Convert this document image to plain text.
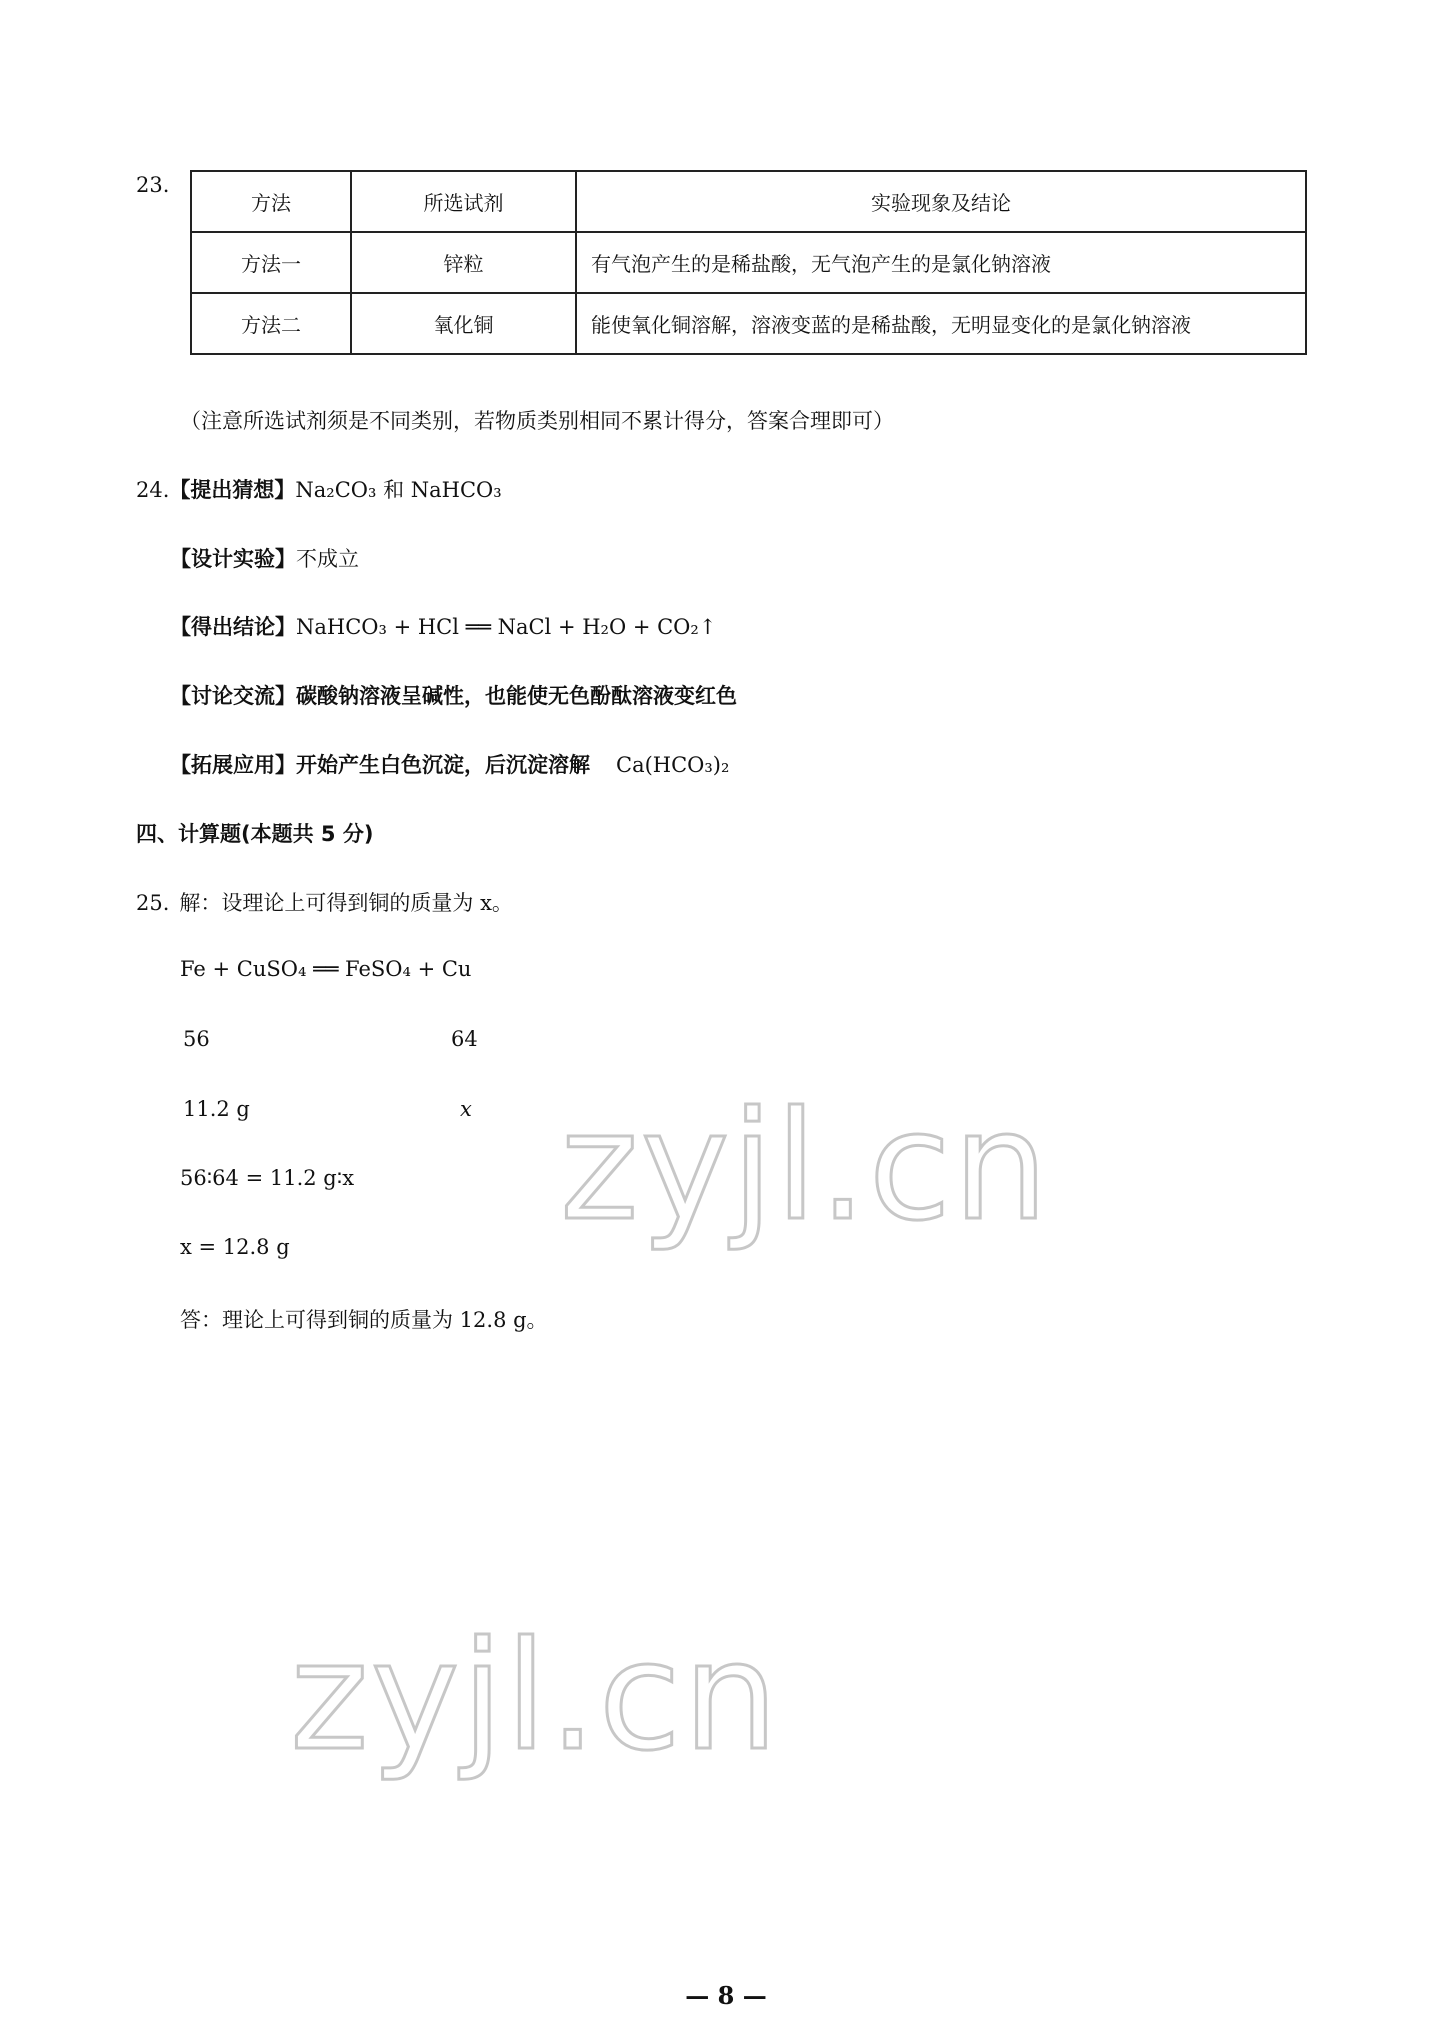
23.
方法	所选试剂	实验现象及结论
方法一	锌粒	有气泡产生的是稀盐酸，无气泡产生的是氯化钠溶液
方法二	氧化铜	能使氧化铜溶解，溶液变蓝的是稀盐酸，无明显变化的是氯化钠溶液
（注意所选试剂须是不同类别，若物质类别相同不累计得分，答案合理即可）
24.【提出猜想】Na₂CO₃ 和 NaHCO₃
【设计实验】不成立
【得出结论】NaHCO₃ + HCl ══ NaCl + H₂O + CO₂↑
【讨论交流】碳酸钠溶液呈碱性，也能使无色酚酞溶液变红色
【拓展应用】开始产生白色沉淀，后沉淀溶解 Ca(HCO₃)₂
四、计算题(本题共 5 分)
25. 解：设理论上可得到铜的质量为 x。
Fe + CuSO₄ ══ FeSO₄ + Cu
56	64
11.2 g	x
56∶64 = 11.2 g∶x
x = 12.8 g
答：理论上可得到铜的质量为 12.8 g。
zyjl.cn
zyjl.cn
— 8 —
